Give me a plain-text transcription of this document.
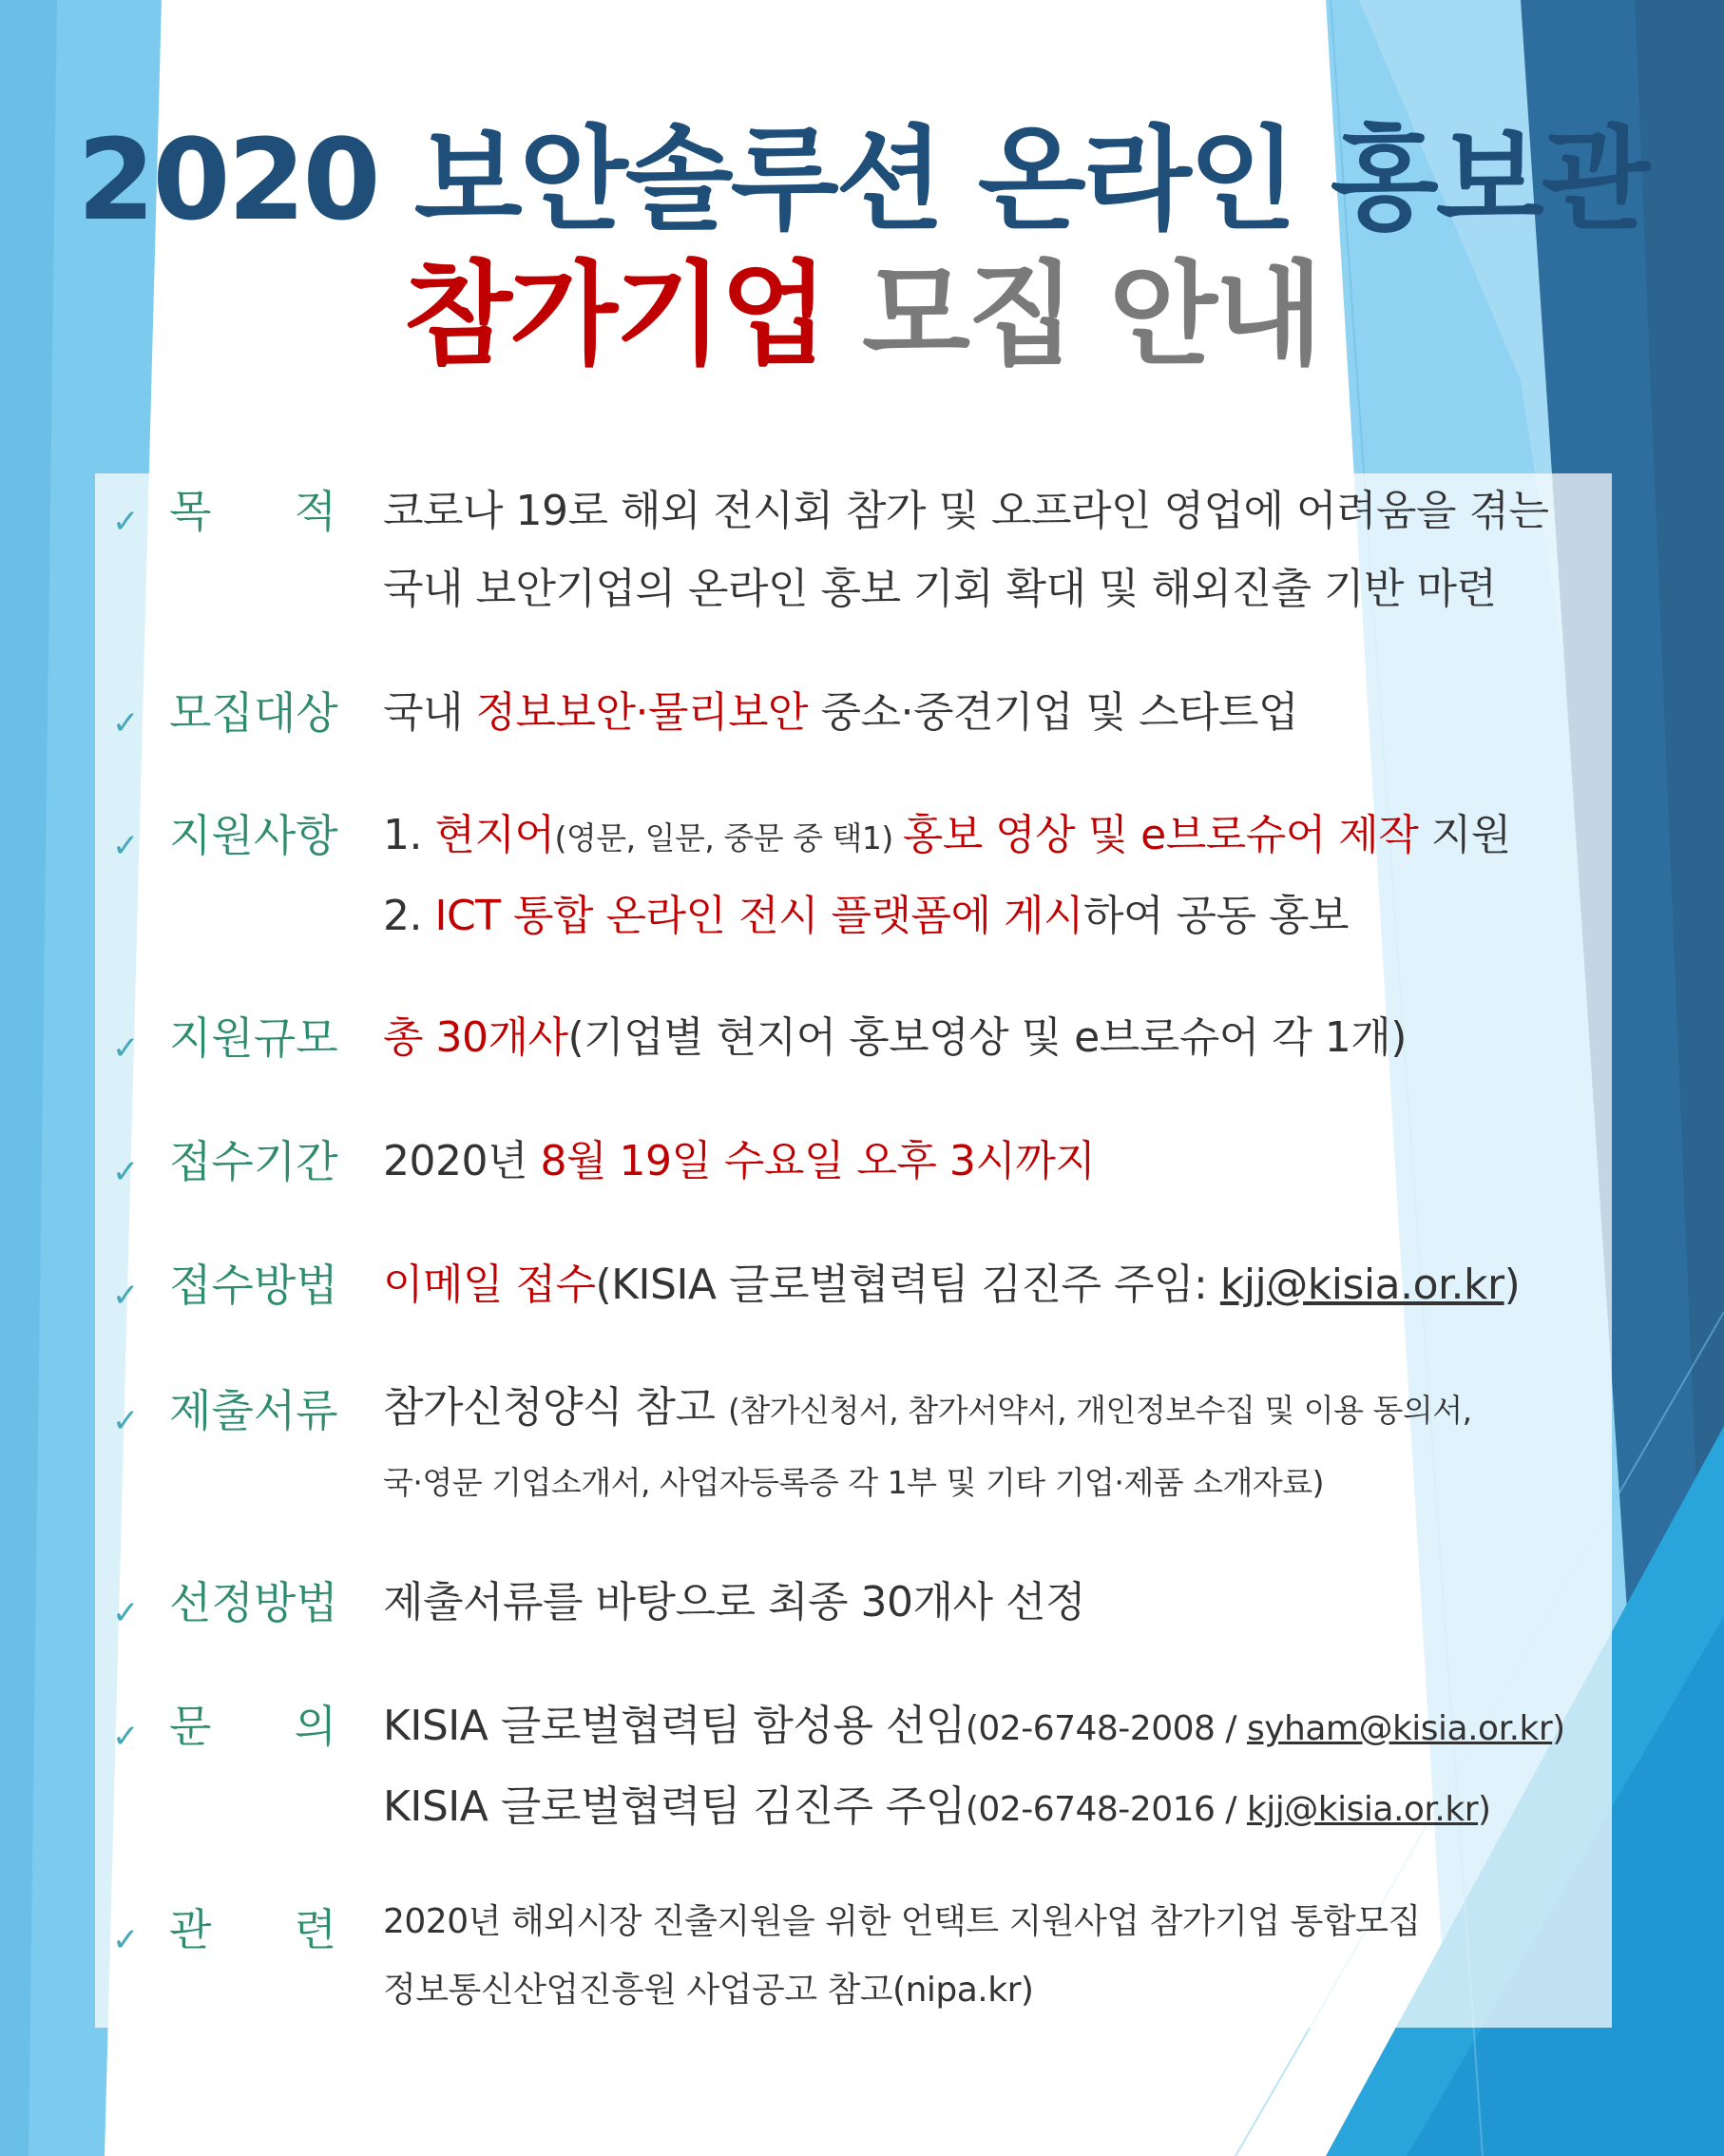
2020 보안솔루션 온라인 홍보관
참가기업 모집 안내
✓ 목 적 코로나 19로 해외 전시회 참가 및 오프라인 영업에 어려움을 겪는
국내 보안기업의 온라인 홍보 기회 확대 및 해외진출 기반 마련
✓ 모집대상 국내 정보보안·물리보안 중소·중견기업 및 스타트업
✓ 지원사항 1. 현지어(영문, 일문, 중문 중 택1) 홍보 영상 및 e브로슈어 제작 지원
2. ICT 통합 온라인 전시 플랫폼에 게시하여 공동 홍보
✓ 지원규모 총 30개사(기업별 현지어 홍보영상 및 e브로슈어 각 1개)
✓ 접수기간 2020년 8월 19일 수요일 오후 3시까지
✓ 접수방법 이메일 접수(KISIA 글로벌협력팀 김진주 주임: kjj@kisia.or.kr)
✓ 제출서류 참가신청양식 참고 (참가신청서, 참가서약서, 개인정보수집 및 이용 동의서,
국·영문 기업소개서, 사업자등록증 각 1부 및 기타 기업·제품 소개자료)
✓ 선정방법 제출서류를 바탕으로 최종 30개사 선정
✓ 문 의 KISIA 글로벌협력팀 함성용 선임(02-6748-2008 / syham@kisia.or.kr)
KISIA 글로벌협력팀 김진주 주임(02-6748-2016 / kjj@kisia.or.kr)
✓ 관 련 2020년 해외시장 진출지원을 위한 언택트 지원사업 참가기업 통합모집
정보통신산업진흥원 사업공고 참고(nipa.kr)
